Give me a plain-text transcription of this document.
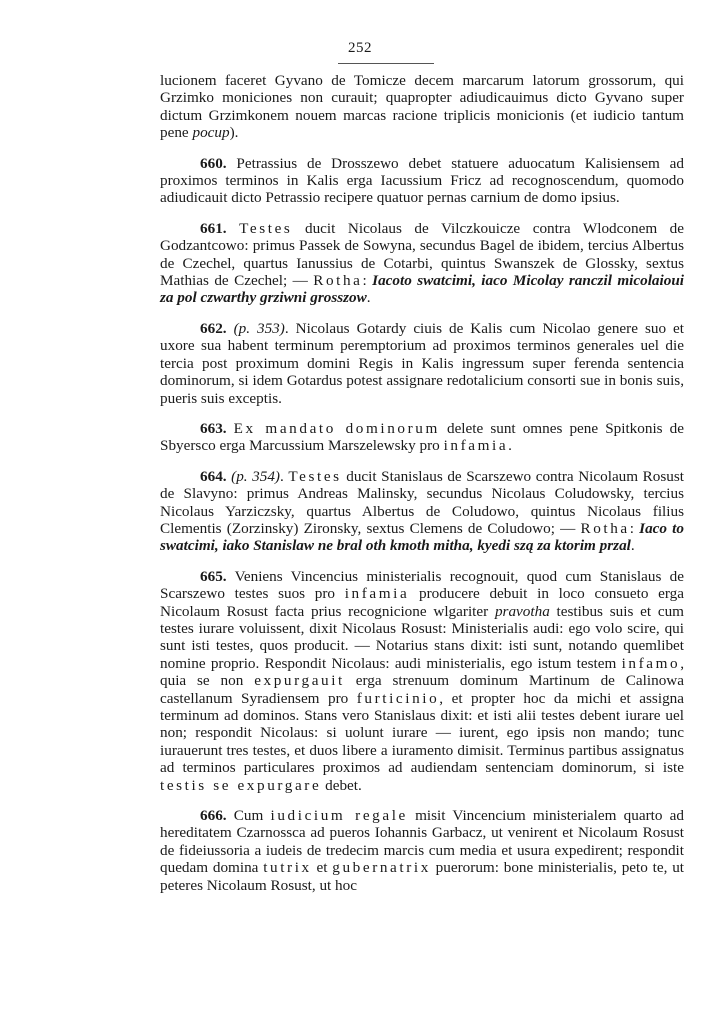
252

lucionem faceret Gyvano de Tomicze decem marcarum latorum grossorum, qui Grzimko moniciones non curauit; quapropter adiudicauimus dicto Gyvano super dictum Grzimkonem nouem marcas racione triplicis monicionis (et iudicio tantum pene pocup).

660. Petrassius de Drosszewo debet statuere aduocatum Kalisiensem ad proximos terminos in Kalis erga Iacussium Fricz ad recognoscendum, quomodo adiudicauit dicto Petrassio recipere quatuor pernas carnium de domo ipsius.

661. Testes ducit Nicolaus de Vilczkouicze contra Wlodconem de Godzantcowo: primus Passek de Sowyna, secundus Bagel de ibidem, tercius Albertus de Czechel, quartus Ianussius de Cotarbi, quintus Swanszek de Glossky, sextus Mathias de Czechel; — Rotha: Iacoto swatcimi, iaco Micolay ranczil micolaioui za pol czwarthy grziwni grosszow.

662. (p. 353). Nicolaus Gotardy ciuis de Kalis cum Nicolao genere suo et uxore sua habent terminum peremptorium ad proximos terminos generales uel die tercia post proximum domini Regis in Kalis ingressum super ferenda sentencia dominorum, si idem Gotardus potest assignare redotalicium consorti sue in bonis suis, pueris suis exceptis.

663. Ex mandato dominorum delete sunt omnes pene Spitkonis de Sbyersco erga Marcussium Marszelewsky pro infamia.

664. (p. 354). Testes ducit Stanislaus de Scarszewo contra Nicolaum Rosust de Slavyno: primus Andreas Malinsky, secundus Nicolaus Coludowsky, tercius Nicolaus Yarziczsky, quartus Albertus de Coludowo, quintus Nicolaus filius Clementis (Zorzinsky) Zironsky, sextus Clemens de Coludowo; — Rotha: Iaco to swatcimi, iako Stanislaw ne bral oth kmoth mitha, kyedi szą za ktorim przal.

665. Veniens Vincencius ministerialis recognouit, quod cum Stanislaus de Scarszewo testes suos pro infamia producere debuit in loco consueto erga Nicolaum Rosust facta prius recognicione wlgariter pravotha testibus suis et cum testes iurare voluissent, dixit Nicolaus Rosust: Ministerialis audi: ego volo scire, qui sunt isti testes, quos producit. — Notarius stans dixit: isti sunt, notando quemlibet nomine proprio. Respondit Nicolaus: audi ministerialis, ego istum testem infamo, quia se non expurgauit erga strenuum dominum Martinum de Calinowa castellanum Syradiensem pro furticinio, et propter hoc da michi et assigna terminum ad dominos. Stans vero Stanislaus dixit: et isti alii testes debent iurare uel non; respondit Nicolaus: si uolunt iurare — iurent, ego ipsis non mando; tunc iurauerunt tres testes, et duos libere a iuramento dimisit. Terminus partibus assignatus ad terminos particulares proximos ad audiendam sentenciam dominorum, si iste testis se expurgare debet.

666. Cum iudicium regale misit Vincencium ministerialem quarto ad hereditatem Czarnossca ad pueros Iohannis Garbacz, ut venirent et Nicolaum Rosust de fideiussoria a iudeis de tredecim marcis cum media et usura expedirent; respondit quedam domina tutrix et gubernatrix puerorum: bone ministerialis, peto te, ut peteres Nicolaum Rosust, ut hoc
